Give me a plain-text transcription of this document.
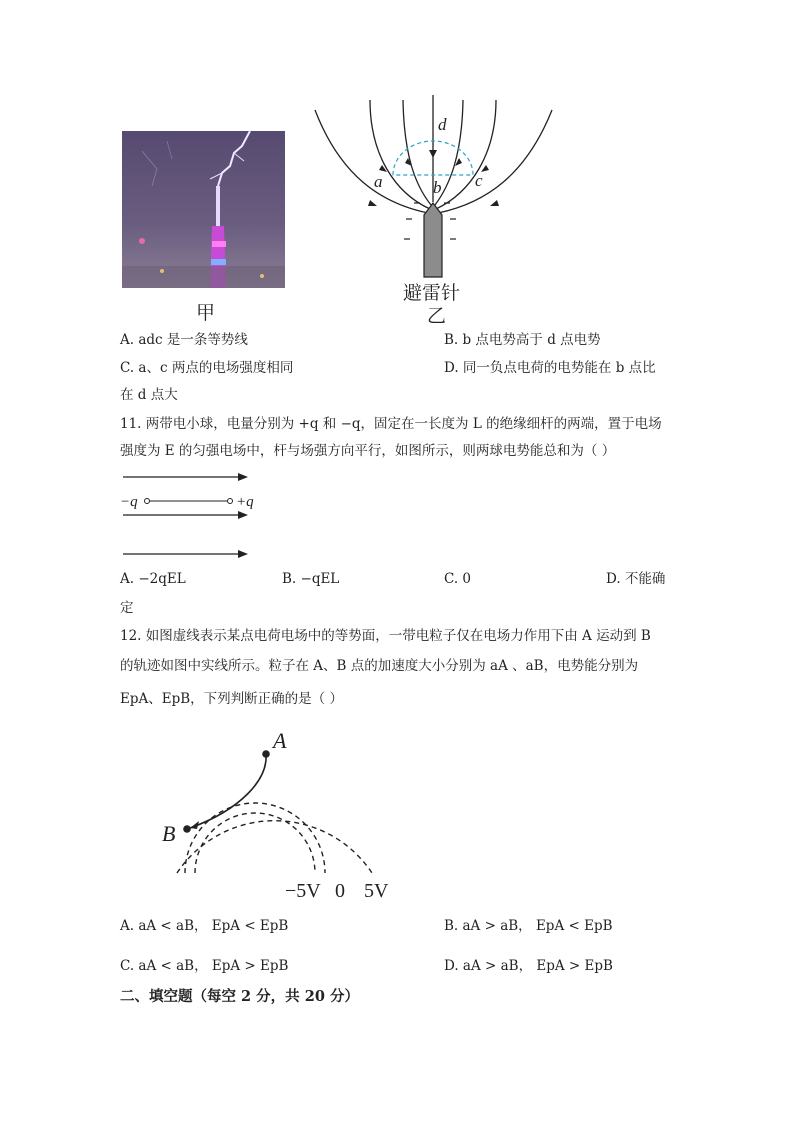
甲
d
a	b c
避雷针
乙
A. adc 是一条等势线	B. b 点电势高于 d 点电势
C. a、c 两点的电场强度相同	D. 同一负点电荷的电势能在 b 点比
在 d 点大
11. 两带电小球，电量分别为 +q 和 −q，固定在一长度为 L 的绝缘细杆的两端，置于电场
强度为 E 的匀强电场中，杆与场强方向平行，如图所示，则两球电势能总和为（ ）
−q	+q
A. −2qEL	B. −qEL	C. 0	D. 不能确
定
12. 如图虚线表示某点电荷电场中的等势面，一带电粒子仅在电场力作用下由 A 运动到 B
的轨迹如图中实线所示。粒子在 A、B 点的加速度大小分别为 aA 、aB，电势能分别为
EpA、EpB，下列判断正确的是（ ）
A
B
−5V 0 5V
A. aA < aB， EpA < EpB	B. aA > aB， EpA < EpB
C. aA < aB， EpA > EpB	D. aA > aB， EpA > EpB
二、填空题（每空 2 分，共 20 分）
